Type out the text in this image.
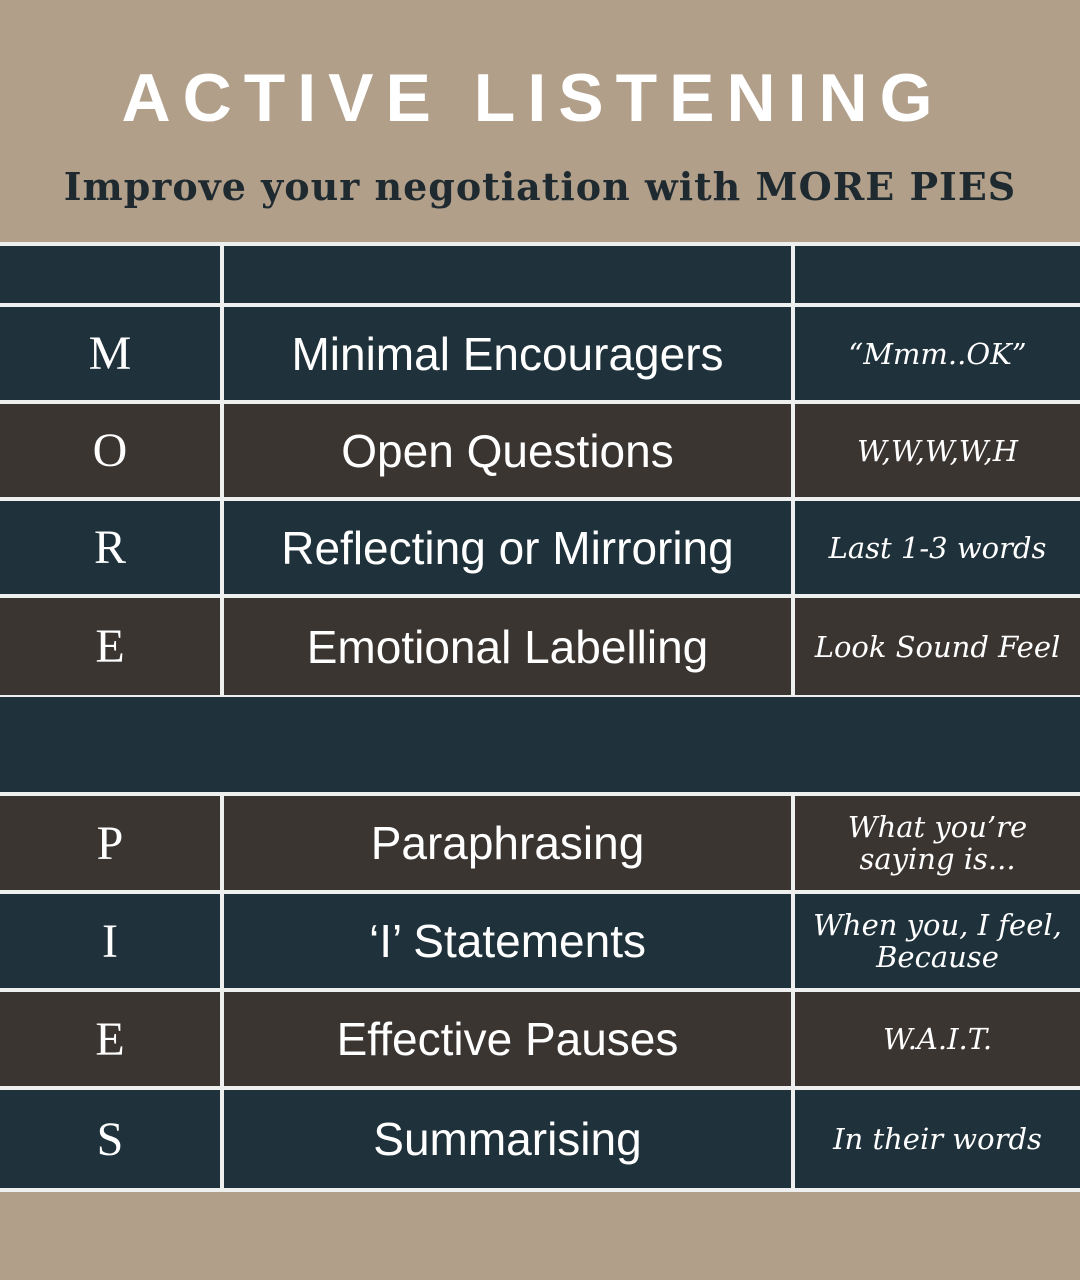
ACTIVE LISTENING
Improve your negotiation with MORE PIES
M	Minimal Encouragers	“Mmm..OK”
O	Open Questions	W,W,W,W,H
R	Reflecting or Mirroring	Last 1-3 words
E	Emotional Labelling	Look Sound Feel
P	Paraphrasing	What you’re
saying is...
I	‘I’ Statements	When you, I feel,
Because
E	Effective Pauses	W.A.I.T.
S	Summarising	In their words
